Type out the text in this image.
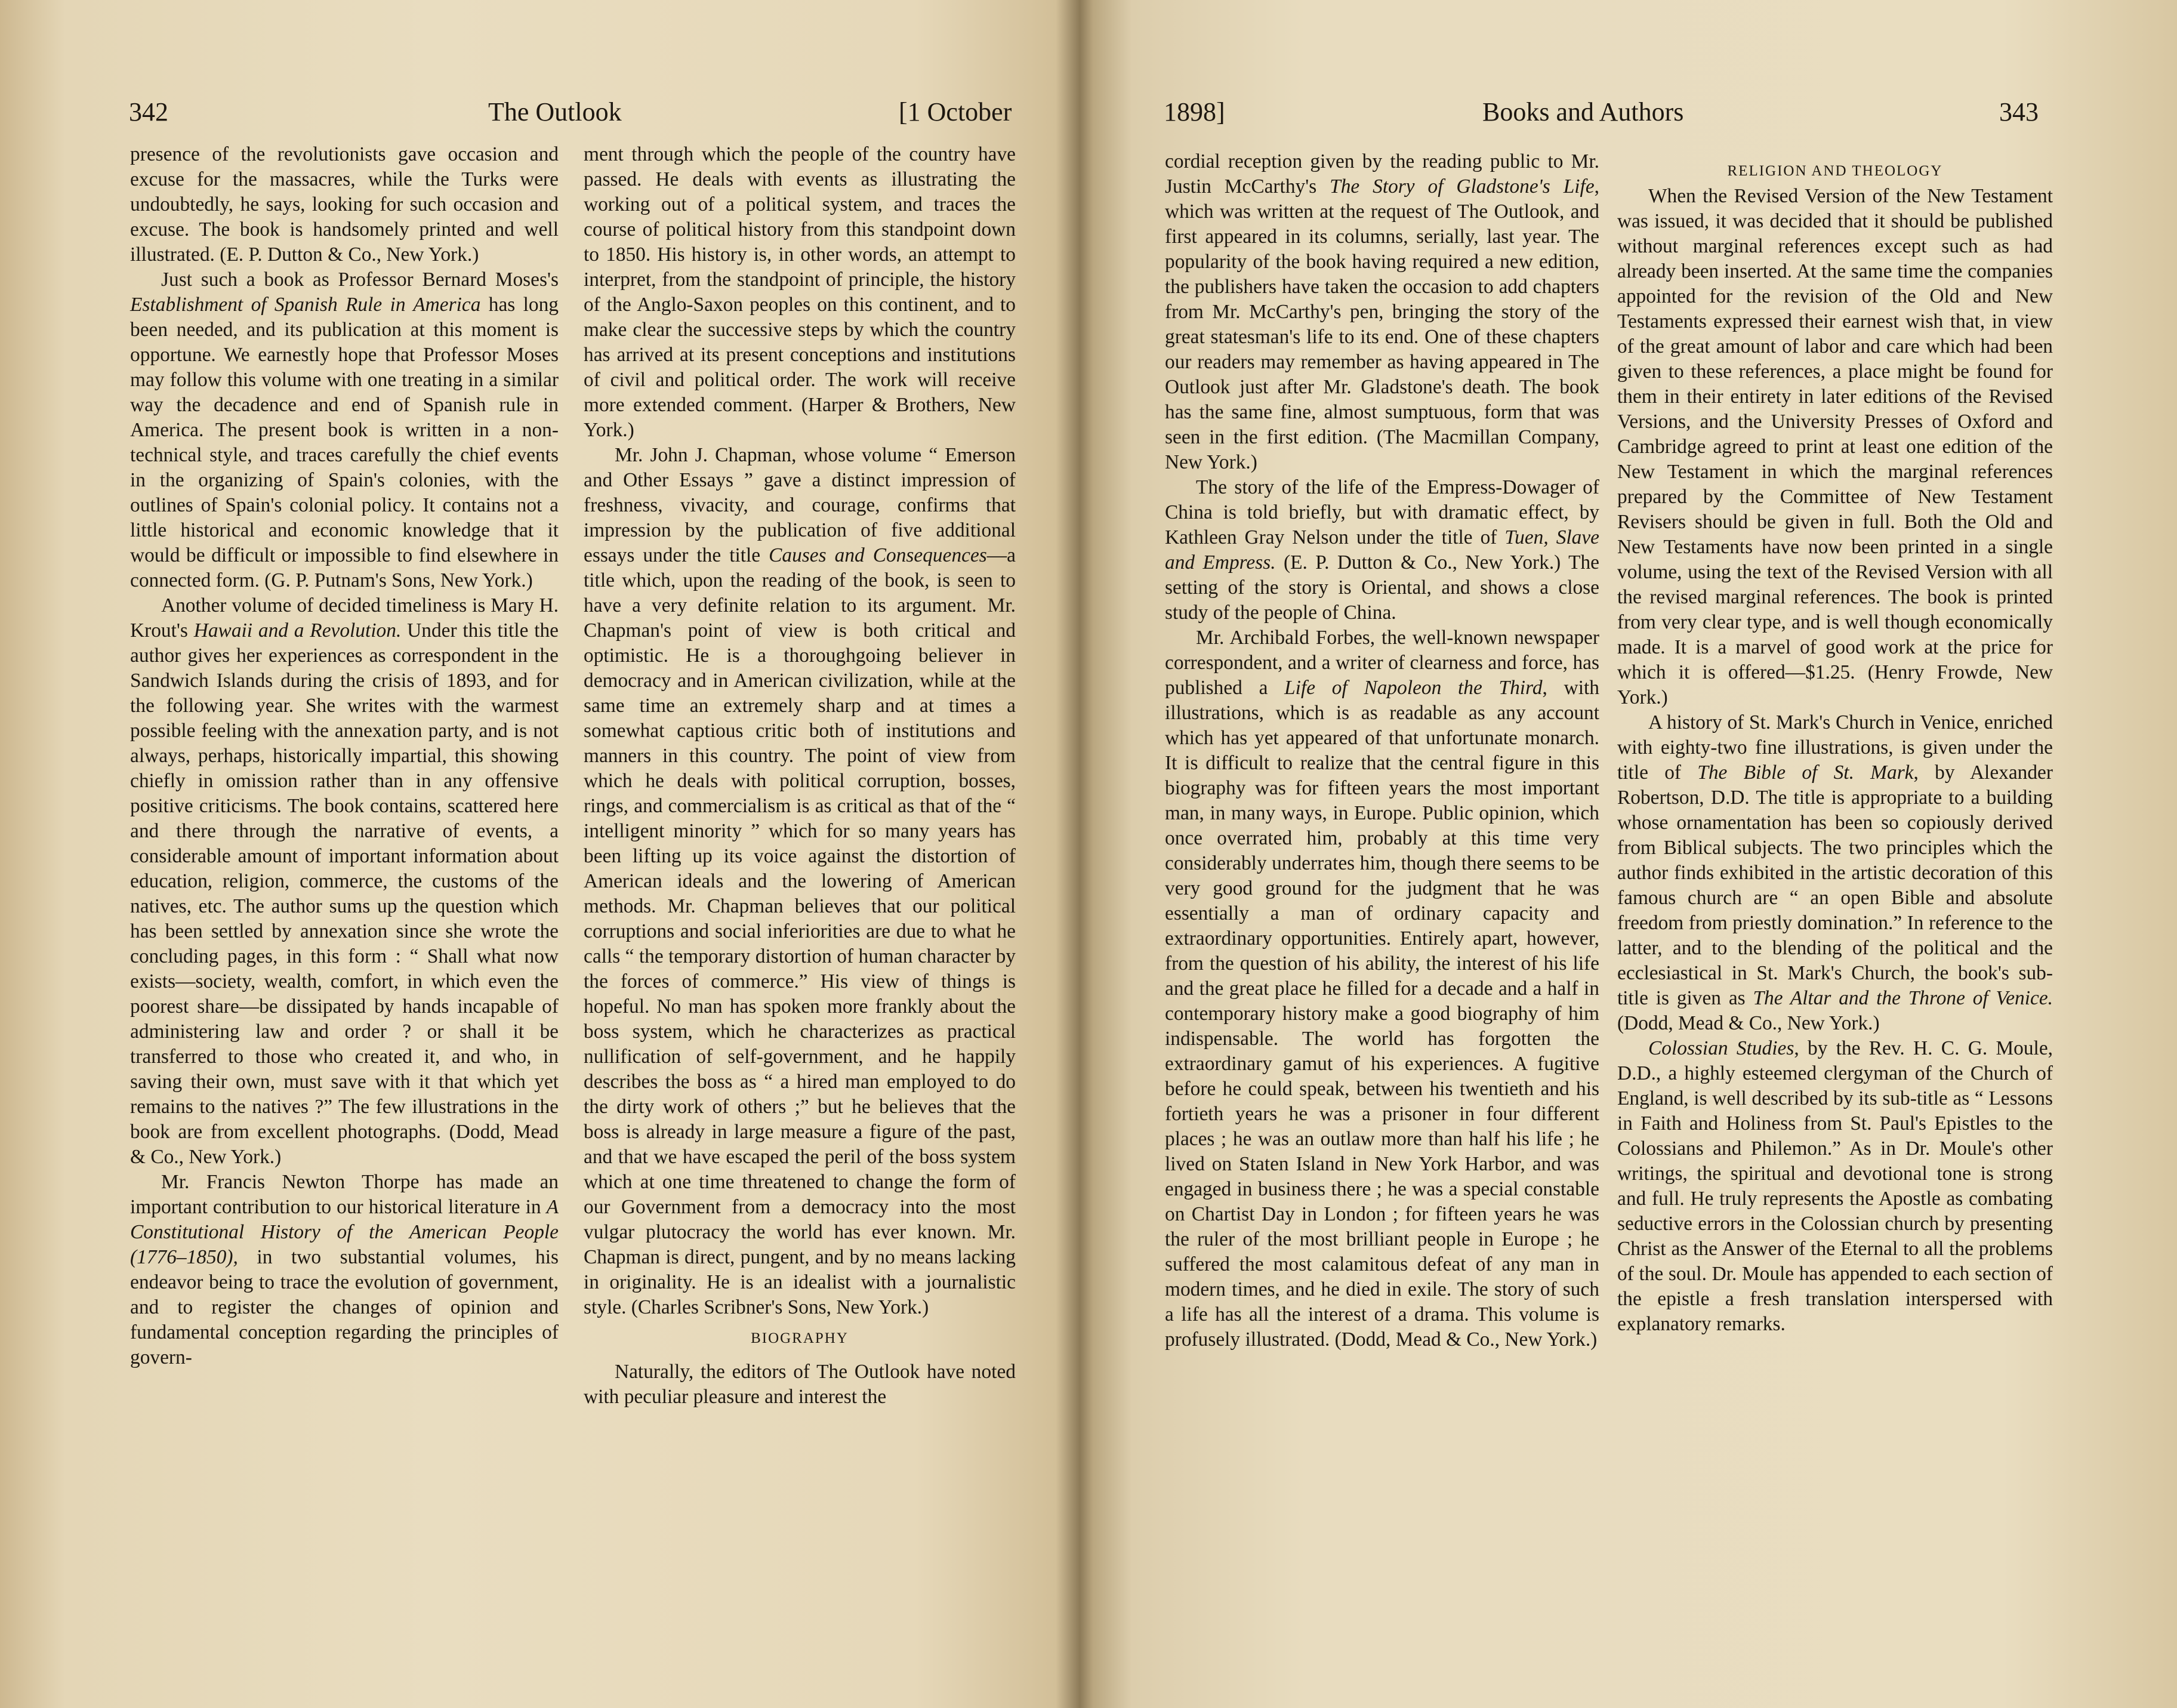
342	The Outlook	[1 October

presence of the revolutionists gave occasion and excuse for the massacres, while the Turks were undoubtedly, he says, looking for such occasion and excuse. The book is handsomely printed and well illustrated. (E. P. Dutton & Co., New York.)

Just such a book as Professor Bernard Moses's Establishment of Spanish Rule in America has long been needed, and its publication at this moment is opportune. We earnestly hope that Professor Moses may follow this volume with one treating in a similar way the decadence and end of Spanish rule in America. The present book is written in a non-technical style, and traces carefully the chief events in the organizing of Spain's colonies, with the outlines of Spain's colonial policy. It contains not a little historical and economic knowledge that it would be difficult or impossible to find elsewhere in connected form. (G. P. Putnam's Sons, New York.)

Another volume of decided timeliness is Mary H. Krout's Hawaii and a Revolution. Under this title the author gives her experiences as correspondent in the Sandwich Islands during the crisis of 1893, and for the following year. She writes with the warmest possible feeling with the annexation party, and is not always, perhaps, historically impartial, this showing chiefly in omission rather than in any offensive positive criticisms. The book contains, scattered here and there through the narrative of events, a considerable amount of important information about education, religion, commerce, the customs of the natives, etc. The author sums up the question which has been settled by annexation since she wrote the concluding pages, in this form : “ Shall what now exists—society, wealth, comfort, in which even the poorest share—be dissipated by hands incapable of administering law and order ? or shall it be transferred to those who created it, and who, in saving their own, must save with it that which yet remains to the natives ?” The few illustrations in the book are from excellent photographs. (Dodd, Mead & Co., New York.)

Mr. Francis Newton Thorpe has made an important contribution to our historical literature in A Constitutional History of the American People (1776–1850), in two substantial volumes, his endeavor being to trace the evolution of government, and to register the changes of opinion and fundamental conception regarding the principles of govern-

ment through which the people of the country have passed. He deals with events as illustrating the working out of a political system, and traces the course of political history from this standpoint down to 1850. His history is, in other words, an attempt to interpret, from the standpoint of principle, the history of the Anglo-Saxon peoples on this continent, and to make clear the successive steps by which the country has arrived at its present conceptions and institutions of civil and political order. The work will receive more extended comment. (Harper & Brothers, New York.)

Mr. John J. Chapman, whose volume “ Emerson and Other Essays ” gave a distinct impression of freshness, vivacity, and courage, confirms that impression by the publication of five additional essays under the title Causes and Consequences—a title which, upon the reading of the book, is seen to have a very definite relation to its argument. Mr. Chapman's point of view is both critical and optimistic. He is a thoroughgoing believer in democracy and in American civilization, while at the same time an extremely sharp and at times a somewhat captious critic both of institutions and manners in this country. The point of view from which he deals with political corruption, bosses, rings, and commercialism is as critical as that of the “ intelligent minority ” which for so many years has been lifting up its voice against the distortion of American ideals and the lowering of American methods. Mr. Chapman believes that our political corruptions and social inferiorities are due to what he calls “ the temporary distortion of human character by the forces of commerce.” His view of things is hopeful. No man has spoken more frankly about the boss system, which he characterizes as practical nullification of self-government, and he happily describes the boss as “ a hired man employed to do the dirty work of others ;” but he believes that the boss is already in large measure a figure of the past, and that we have escaped the peril of the boss system which at one time threatened to change the form of our Government from a democracy into the most vulgar plutocracy the world has ever known. Mr. Chapman is direct, pungent, and by no means lacking in originality. He is an idealist with a journalistic style. (Charles Scribner's Sons, New York.)

BIOGRAPHY

Naturally, the editors of The Outlook have noted with peculiar pleasure and interest the

1898]	Books and Authors	343

cordial reception given by the reading public to Mr. Justin McCarthy's The Story of Gladstone's Life, which was written at the request of The Outlook, and first appeared in its columns, serially, last year. The popularity of the book having required a new edition, the publishers have taken the occasion to add chapters from Mr. McCarthy's pen, bringing the story of the great statesman's life to its end. One of these chapters our readers may remember as having appeared in The Outlook just after Mr. Gladstone's death. The book has the same fine, almost sumptuous, form that was seen in the first edition. (The Macmillan Company, New York.)

The story of the life of the Empress-Dowager of China is told briefly, but with dramatic effect, by Kathleen Gray Nelson under the title of Tuen, Slave and Empress. (E. P. Dutton & Co., New York.) The setting of the story is Oriental, and shows a close study of the people of China.

Mr. Archibald Forbes, the well-known newspaper correspondent, and a writer of clearness and force, has published a Life of Napoleon the Third, with illustrations, which is as readable as any account which has yet appeared of that unfortunate monarch. It is difficult to realize that the central figure in this biography was for fifteen years the most important man, in many ways, in Europe. Public opinion, which once overrated him, probably at this time very considerably underrates him, though there seems to be very good ground for the judgment that he was essentially a man of ordinary capacity and extraordinary opportunities. Entirely apart, however, from the question of his ability, the interest of his life and the great place he filled for a decade and a half in contemporary history make a good biography of him indispensable. The world has forgotten the extraordinary gamut of his experiences. A fugitive before he could speak, between his twentieth and his fortieth years he was a prisoner in four different places ; he was an outlaw more than half his life ; he lived on Staten Island in New York Harbor, and was engaged in business there ; he was a special constable on Chartist Day in London ; for fifteen years he was the ruler of the most brilliant people in Europe ; he suffered the most calamitous defeat of any man in modern times, and he died in exile. The story of such a life has all the interest of a drama. This volume is profusely illustrated. (Dodd, Mead & Co., New York.)

RELIGION AND THEOLOGY

When the Revised Version of the New Testament was issued, it was decided that it should be published without marginal references except such as had already been inserted. At the same time the companies appointed for the revision of the Old and New Testaments expressed their earnest wish that, in view of the great amount of labor and care which had been given to these references, a place might be found for them in their entirety in later editions of the Revised Versions, and the University Presses of Oxford and Cambridge agreed to print at least one edition of the New Testament in which the marginal references prepared by the Committee of New Testament Revisers should be given in full. Both the Old and New Testaments have now been printed in a single volume, using the text of the Revised Version with all the revised marginal references. The book is printed from very clear type, and is well though economically made. It is a marvel of good work at the price for which it is offered—$1.25. (Henry Frowde, New York.)

A history of St. Mark's Church in Venice, enriched with eighty-two fine illustrations, is given under the title of The Bible of St. Mark, by Alexander Robertson, D.D. The title is appropriate to a building whose ornamentation has been so copiously derived from Biblical subjects. The two principles which the author finds exhibited in the artistic decoration of this famous church are “ an open Bible and absolute freedom from priestly domination.” In reference to the latter, and to the blending of the political and the ecclesiastical in St. Mark's Church, the book's sub-title is given as The Altar and the Throne of Venice. (Dodd, Mead & Co., New York.)

Colossian Studies, by the Rev. H. C. G. Moule, D.D., a highly esteemed clergyman of the Church of England, is well described by its sub-title as “ Lessons in Faith and Holiness from St. Paul's Epistles to the Colossians and Philemon.” As in Dr. Moule's other writings, the spiritual and devotional tone is strong and full. He truly represents the Apostle as combating seductive errors in the Colossian church by presenting Christ as the Answer of the Eternal to all the problems of the soul. Dr. Moule has appended to each section of the epistle a fresh translation interspersed with explanatory remarks.
